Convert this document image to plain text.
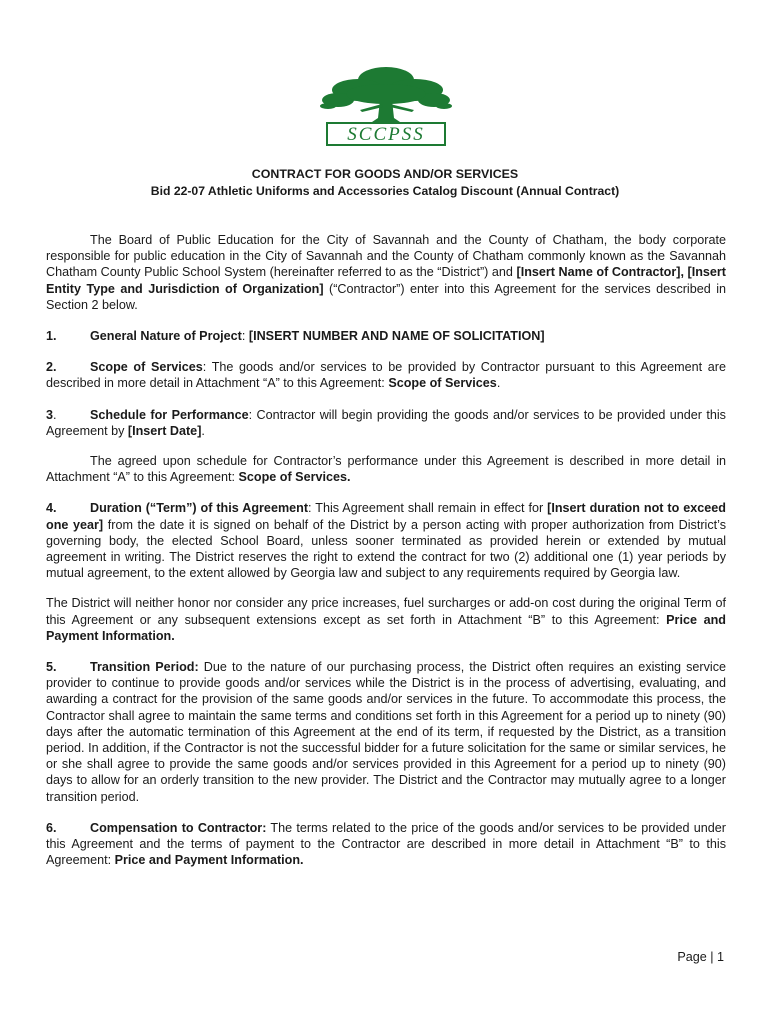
SCCPSS
CONTRACT FOR GOODS AND/OR SERVICES
Bid 22-07 Athletic Uniforms and Accessories Catalog Discount (Annual Contract)

The Board of Public Education for the City of Savannah and the County of Chatham, the body corporate responsible for public education in the City of Savannah and the County of Chatham commonly known as the Savannah Chatham County Public School System (hereinafter referred to as the “District”) and [Insert Name of Contractor], [Insert Entity Type and Jurisdiction of Organization] (“Contractor”) enter into this Agreement for the services described in Section 2 below.

1.	General Nature of Project: [INSERT NUMBER AND NAME OF SOLICITATION]

2.	Scope of Services: The goods and/or services to be provided by Contractor pursuant to this Agreement are described in more detail in Attachment “A” to this Agreement: Scope of Services.

3.	Schedule for Performance: Contractor will begin providing the goods and/or services to be provided under this Agreement by [Insert Date].

The agreed upon schedule for Contractor’s performance under this Agreement is described in more detail in Attachment “A” to this Agreement: Scope of Services.

4.	Duration (“Term”) of this Agreement: This Agreement shall remain in effect for [Insert duration not to exceed one year] from the date it is signed on behalf of the District by a person acting with proper authorization from District’s governing body, the elected School Board, unless sooner terminated as provided herein or extended by mutual agreement in writing. The District reserves the right to extend the contract for two (2) additional one (1) year periods by mutual agreement, to the extent allowed by Georgia law and subject to any requirements required by Georgia law.

The District will neither honor nor consider any price increases, fuel surcharges or add-on cost during the original Term of this Agreement or any subsequent extensions except as set forth in Attachment “B” to this Agreement: Price and Payment Information.

5.	Transition Period: Due to the nature of our purchasing process, the District often requires an existing service provider to continue to provide goods and/or services while the District is in the process of advertising, evaluating, and awarding a contract for the provision of the same goods and/or services in the future. To accommodate this process, the Contractor shall agree to maintain the same terms and conditions set forth in this Agreement for a period up to ninety (90) days after the automatic termination of this Agreement at the end of its term, if requested by the District, as a transition period. In addition, if the Contractor is not the successful bidder for a future solicitation for the same or similar services, he or she shall agree to provide the same goods and/or services provided in this Agreement for a period up to ninety (90) days to allow for an orderly transition to the new provider. The District and the Contractor may mutually agree to a longer transition period.

6.	Compensation to Contractor: The terms related to the price of the goods and/or services to be provided under this Agreement and the terms of payment to the Contractor are described in more detail in Attachment “B” to this Agreement: Price and Payment Information.

Page | 1
